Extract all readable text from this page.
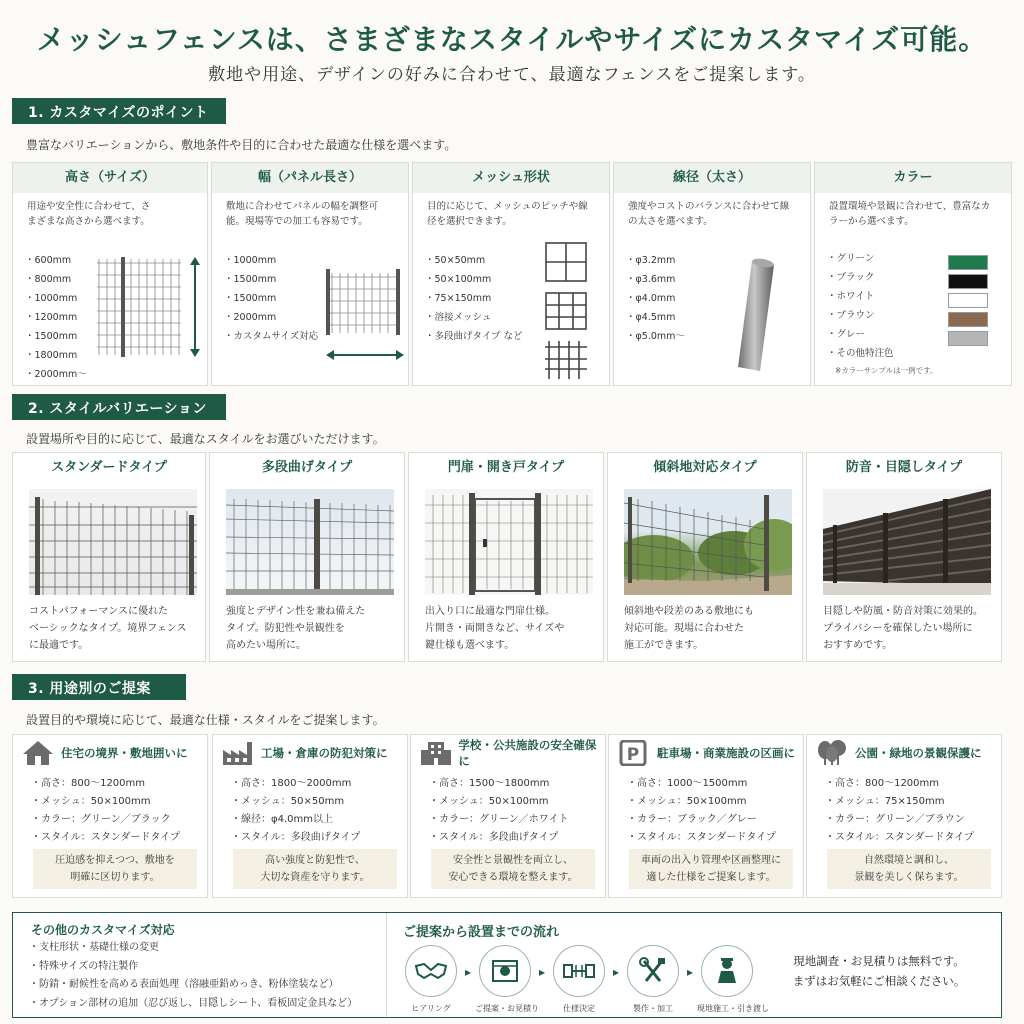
メッシュフェンスは、さまざまなスタイルやサイズにカスタマイズ可能。
敷地や用途、デザインの好みに合わせて、最適なフェンスをご提案します。
1. カスタマイズのポイント
豊富なバリエーションから、敷地条件や目的に合わせた最適な仕様を選べます。
高さ（サイズ）
用途や安全性に合わせて、さまざまな高さから選べます。
・ 600mm
・ 800mm
・ 1000mm
・ 1200mm
・ 1500mm
・ 1800mm
・ 2000mm〜
幅（パネル長さ）
敷地に合わせてパネルの幅を調整可能。現場等での加工も容易です。
・ 1000mm
・ 1500mm
・ 1500mm
・ 2000mm
・ カスタムサイズ対応
メッシュ形状
目的に応じて、メッシュのピッチや線径を選択できます。
・ 50×50mm
・ 50×100mm
・ 75×150mm
・ 溶接メッシュ
・ 多段曲げタイプ など
線径（太さ）
強度やコストのバランスに合わせて線の太さを選べます。
・ φ3.2mm
・ φ3.6mm
・ φ4.0mm
・ φ4.5mm
・ φ5.0mm〜
カラー
設置環境や景観に合わせて、豊富なカラーから選べます。
・ グリーン
・ ブラック
・ ホワイト
・ ブラウン
・ グレー
・ その他特注色
※カラーサンプルは一例です。
2. スタイルバリエーション
設置場所や目的に応じて、最適なスタイルをお選びいただけます。
スタンダードタイプ
コストパフォーマンスに優れた
ベーシックなタイプ。境界フェンス
に最適です。
多段曲げタイプ
強度とデザイン性を兼ね備えた
タイプ。防犯性や景観性を
高めたい場所に。
門扉・開き戸タイプ
出入り口に最適な門扉仕様。
片開き・両開きなど、サイズや
鍵仕様も選べます。
傾斜地対応タイプ
傾斜地や段差のある敷地にも
対応可能。現場に合わせた
施工ができます。
防音・目隠しタイプ
目隠しや防風・防音対策に効果的。
プライバシーを確保したい場所に
おすすめです。
3. 用途別のご提案
設置目的や環境に応じて、最適な仕様・スタイルをご提案します。
住宅の境界・敷地囲いに
・ 高さ：800〜1200mm
・ メッシュ：50×100mm
・ カラー：グリーン／ブラック
・ スタイル：スタンダードタイプ
圧迫感を抑えつつ、敷地を
明確に区切ります。
工場・倉庫の防犯対策に
・ 高さ：1800〜2000mm
・ メッシュ：50×50mm
・ 線径：φ4.0mm以上
・ スタイル：多段曲げタイプ
高い強度と防犯性で、
大切な資産を守ります。
学校・公共施設の安全確保に
・ 高さ：1500〜1800mm
・ メッシュ：50×100mm
・ カラー：グリーン／ホワイト
・ スタイル：多段曲げタイプ
安全性と景観性を両立し、
安心できる環境を整えます。
P 駐車場・商業施設の区画に
・ 高さ：1000〜1500mm
・ メッシュ：50×100mm
・ カラー：ブラック／グレー
・ スタイル：スタンダードタイプ
車両の出入り管理や区画整理に
適した仕様をご提案します。
公園・緑地の景観保護に
・ 高さ：800〜1200mm
・ メッシュ：75×150mm
・ カラー：グリーン／ブラウン
・ スタイル：スタンダードタイプ
自然環境と調和し、
景観を美しく保ちます。
その他のカスタマイズ対応
・ 支柱形状・基礎仕様の変更
・ 特殊サイズの特注製作
・ 防錆・耐候性を高める表面処理（溶融亜鉛めっき、粉体塗装など）
・ オプション部材の追加（忍び返し、目隠しシート、看板固定金具など）
ご提案から設置までの流れ
ヒアリング
▸
ご提案・お見積り
▸
仕様決定
▸
製作・加工
▸
現地施工・引き渡し
現地調査・お見積りは無料です。
まずはお気軽にご相談ください。
